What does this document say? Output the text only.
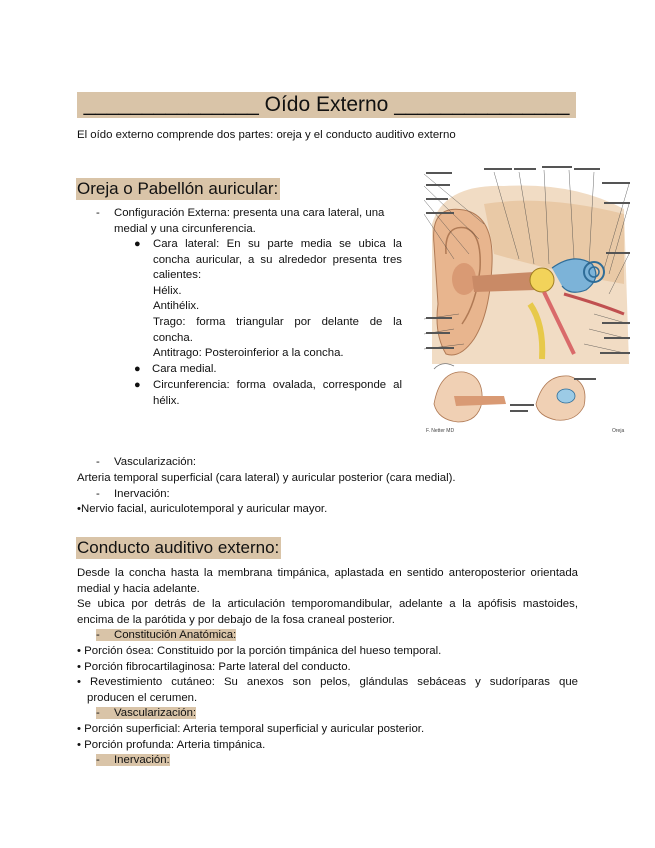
_______________ Oído Externo _______________
El oído externo comprende dos partes: oreja y el conducto auditivo externo
Oreja o Pabellón auricular:
- Configuración Externa: presenta una cara lateral, una
medial y una circunferencia.
●	Cara lateral: En su parte media se ubica la
concha auricular, a su alrededor presenta tres
calientes:
Hélix.
Antihélix.
Trago: forma triangular por delante de la
concha.
Antitrago: Posteroinferior a la concha.
● Cara medial.
●	Circunferencia: forma ovalada, corresponde al
hélix.
F. Netter MD	Oreja
- Vascularización:
Arteria temporal superficial (cara lateral) y auricular posterior (cara medial).
- Inervación:
•Nervio facial, auriculotemporal y auricular mayor.
Conducto auditivo externo:
Desde la concha hasta la membrana timpánica, aplastada en sentido anteroposterior orientada
medial y hacia adelante.
Se ubica por detrás de la articulación temporomandibular, adelante a la apófisis mastoides,
encima de la parótida y por debajo de la fosa craneal posterior.
- Constitución Anatómica:
• Porción ósea: Constituido por la porción timpánica del hueso temporal.
• Porción fibrocartilaginosa: Parte lateral del conducto.
• Revestimiento cutáneo: Su anexos son pelos, glándulas sebáceas y sudoríparas que
producen el cerumen.
- Vascularización:
• Porción superficial: Arteria temporal superficial y auricular posterior.
• Porción profunda: Arteria timpánica.
- Inervación:
